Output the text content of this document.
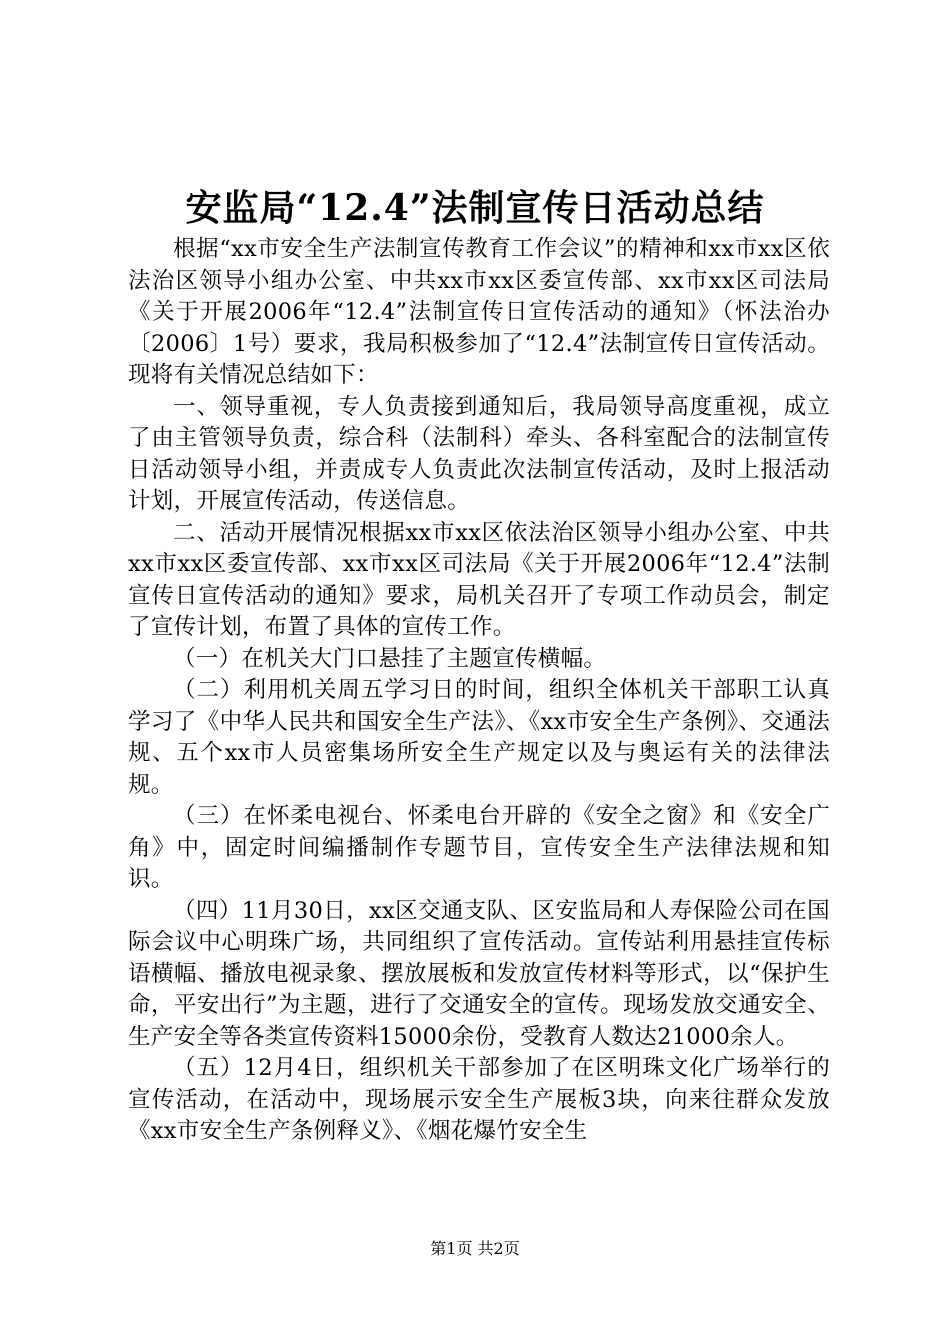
安监局“12.4”法制宣传日活动总结

根据“xx市安全生产法制宣传教育工作会议”的精神和xx市xx区依法治区领导小组办公室、中共xx市xx区委宣传部、xx市xx区司法局《关于开展2006年“12.4”法制宣传日宣传活动的通知》（怀法治办〔2006〕1号）要求，我局积极参加了“12.4”法制宣传日宣传活动。现将有关情况总结如下：

一、领导重视，专人负责接到通知后，我局领导高度重视，成立了由主管领导负责，综合科（法制科）牵头、各科室配合的法制宣传日活动领导小组，并责成专人负责此次法制宣传活动，及时上报活动计划，开展宣传活动，传送信息。

二、活动开展情况根据xx市xx区依法治区领导小组办公室、中共xx市xx区委宣传部、xx市xx区司法局《关于开展2006年“12.4”法制宣传日宣传活动的通知》要求，局机关召开了专项工作动员会，制定了宣传计划，布置了具体的宣传工作。

（一）在机关大门口悬挂了主题宣传横幅。

（二）利用机关周五学习日的时间，组织全体机关干部职工认真学习了《中华人民共和国安全生产法》、《xx市安全生产条例》、交通法规、五个xx市人员密集场所安全生产规定以及与奥运有关的法律法规。

（三）在怀柔电视台、怀柔电台开辟的《安全之窗》和《安全广角》中，固定时间编播制作专题节目，宣传安全生产法律法规和知识。

（四）11月30日，xx区交通支队、区安监局和人寿保险公司在国际会议中心明珠广场，共同组织了宣传活动。宣传站利用悬挂宣传标语横幅、播放电视录象、摆放展板和发放宣传材料等形式，以“保护生命，平安出行”为主题，进行了交通安全的宣传。现场发放交通安全、生产安全等各类宣传资料15000余份，受教育人数达21000余人。

（五）12月4日，组织机关干部参加了在区明珠文化广场举行的宣传活动，在活动中，现场展示安全生产展板3块，向来往群众发放《xx市安全生产条例释义》、《烟花爆竹安全生

第1页 共2页
